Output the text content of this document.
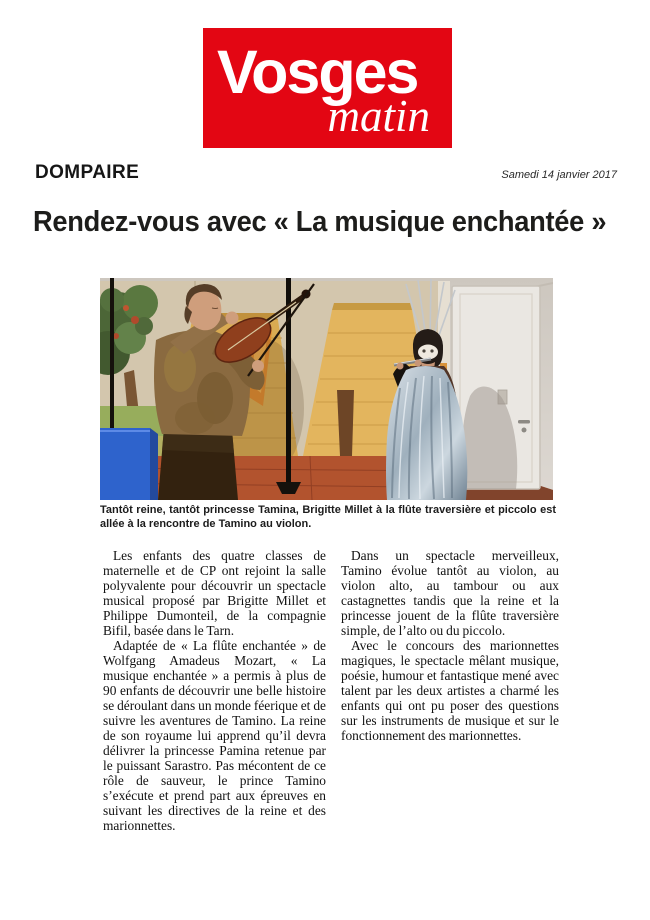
Vosges
matin
DOMPAIRE	Samedi 14 janvier 2017
Rendez-vous avec « La musique enchantée »
Tantôt reine, tantôt princesse Tamina, Brigitte Millet à la flûte traversière et piccolo est allée à la rencontre de Tamino au violon.

Les enfants des quatre classes de maternelle et de CP ont rejoint la salle polyvalente pour découvrir un spectacle musical proposé par Brigitte Millet et Philippe Dumonteil, de la compagnie Bifil, basée dans le Tarn.

Adaptée de « La flûte enchantée » de Wolfgang Amadeus Mozart, « La musique enchantée » a permis à plus de 90 enfants de découvrir une belle histoire se déroulant dans un monde féerique et de suivre les aventures de Tamino. La reine de son royaume lui apprend qu’il devra délivrer la princesse Pamina retenue par le puissant Sarastro. Pas mécontent de ce rôle de sauveur, le prince Tamino s’exécute et prend part aux épreuves en suivant les directives de la reine et des marionnettes.

Dans un spectacle merveilleux, Tamino évolue tantôt au violon, au violon alto, au tambour ou aux castagnettes tandis que la reine et la princesse jouent de la flûte traversière simple, de l’alto ou du piccolo.

Avec le concours des marionnettes magiques, le spectacle mêlant musique, poésie, humour et fantastique mené avec talent par les deux artistes a charmé les enfants qui ont pu poser des questions sur les instruments de musique et sur le fonctionnement des marionnettes.
